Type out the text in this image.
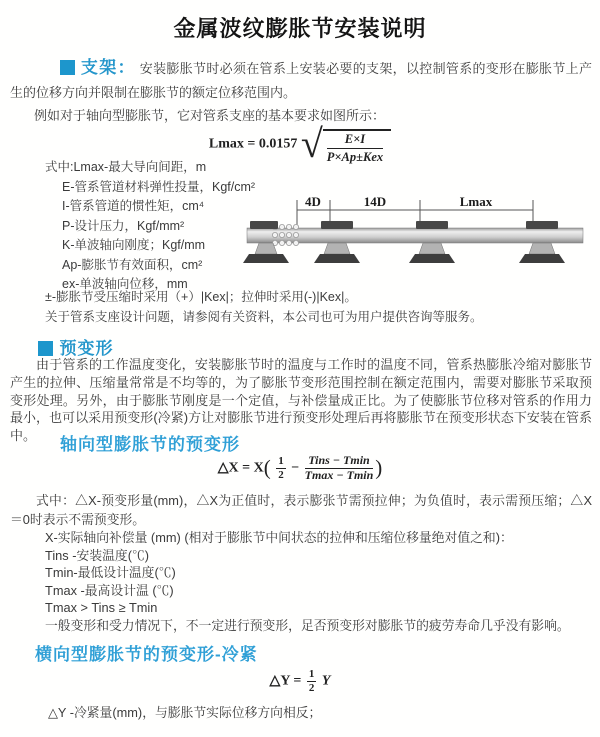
金属波纹膨胀节安装说明
支架： 安装膨胀节时必须在管系上安装必要的支架，以控制管系的变形在膨胀节上产生的位移方向并限制在膨胀节的额定位移范围内。
例如对于轴向型膨胀节，它对管系支座的基本要求如图所示：
Lmax = 0.0157 √ $\frac{E\times I}{\text{P×Ap±Kex}}$
式中:Lmax-最大导向间距，m
E-管系管道材料弹性投量，Kgf/cm²
I-管系管道的惯性矩，cm⁴
P-设计压力，Kgf/mm²
K-单波轴向刚度；Kgf/mm
Ap-膨胀节有效面积，cm²
ex-单波轴向位移，mm
±-膨胀节受压缩时采用（+）|Kex|；拉伸时采用(-)|Kex|。
关于管系支座设计问题，请参阅有关资料，本公司也可为用户提供咨询等服务。
4D	14D	Lmax
预变形
由于管系的工作温度变化，安装膨胀节时的温度与工作时的温度不同，管系热膨胀冷缩对膨胀节产生的拉伸、压缩量常常是不均等的，为了膨胀节变形范围控制在额定范围内，需要对膨胀节采取预变形处理。另外，由于膨胀节刚度是一个定值，与补偿量成正比。为了使膨胀节位移对管系的作用力最小，也可以采用预变形(冷紧)方让对膨胀节进行预变形处理后再将膨胀节在预变形状态下安装在管系中。	轴向型膨胀节的预变形
△X = $X( \frac{1}{2}$ −
Tins − Tmin
Tmax − Tmin )
式中：△X-预变形量(mm)，△X为正值时，表示膨张节需预拉伸；为负值时，表示需预压缩；△X＝0时表示不需预变形。
X-实际轴向补偿量 (mm) (相对于膨胀节中间状态的拉伸和压缩位移量绝对值之和)：
Tins -安装温度(℃)
Tmin-最低设计温度(℃)
Tmax -最高设计温 (℃)
Tmax > Tins ≥ Tmin
一般变形和受力情况下，不一定进行预变形，足否预变形对膨胀节的疲劳寿命几乎没有影响。
横向型膨胀节的预变形-冷紧
△Y = $\frac{1}{2}$ Y
△Y -冷紧量(mm)，与膨胀节实际位移方向相反；
